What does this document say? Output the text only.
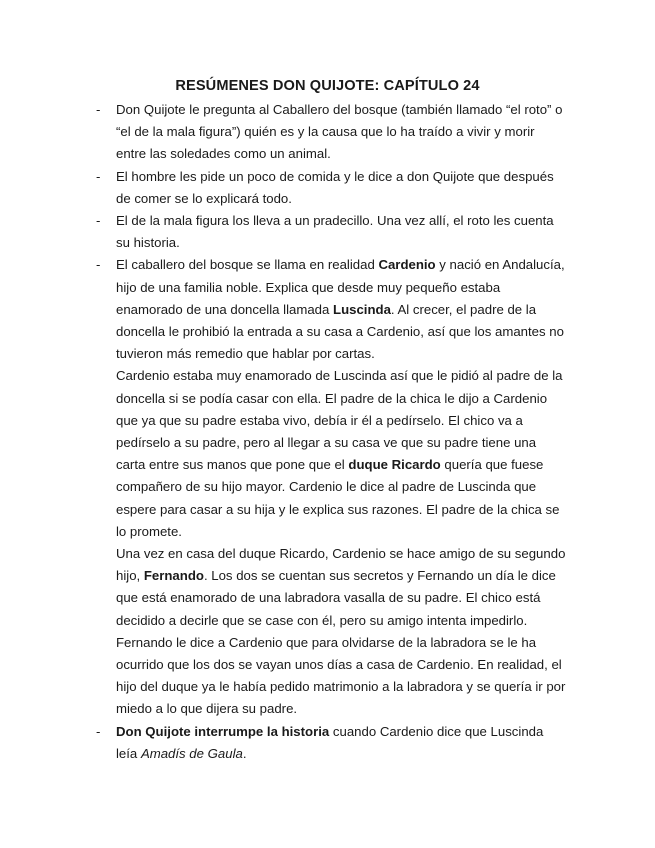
RESÚMENES DON QUIJOTE: CAPÍTULO 24
- Don Quijote le pregunta al Caballero del bosque (también llamado “el roto” o “el de la mala figura”) quién es y la causa que lo ha traído a vivir y morir entre las soledades como un animal.
- El hombre les pide un poco de comida y le dice a don Quijote que después de comer se lo explicará todo.
- El de la mala figura los lleva a un pradecillo. Una vez allí, el roto les cuenta su historia.
- El caballero del bosque se llama en realidad Cardenio y nació en Andalucía, hijo de una familia noble. Explica que desde muy pequeño estaba enamorado de una doncella llamada Luscinda. Al crecer, el padre de la doncella le prohibió la entrada a su casa a Cardenio, así que los amantes no tuvieron más remedio que hablar por cartas.
Cardenio estaba muy enamorado de Luscinda así que le pidió al padre de la doncella si se podía casar con ella. El padre de la chica le dijo a Cardenio que ya que su padre estaba vivo, debía ir él a pedírselo. El chico va a pedírselo a su padre, pero al llegar a su casa ve que su padre tiene una carta entre sus manos que pone que el duque Ricardo quería que fuese compañero de su hijo mayor. Cardenio le dice al padre de Luscinda que espere para casar a su hija y le explica sus razones. El padre de la chica se lo promete.
Una vez en casa del duque Ricardo, Cardenio se hace amigo de su segundo hijo, Fernando. Los dos se cuentan sus secretos y Fernando un día le dice que está enamorado de una labradora vasalla de su padre. El chico está decidido a decirle que se case con él, pero su amigo intenta impedirlo. Fernando le dice a Cardenio que para olvidarse de la labradora se le ha ocurrido que los dos se vayan unos días a casa de Cardenio. En realidad, el hijo del duque ya le había pedido matrimonio a la labradora y se quería ir por miedo a lo que dijera su padre.
- Don Quijote interrumpe la historia cuando Cardenio dice que Luscinda leía Amadís de Gaula.
